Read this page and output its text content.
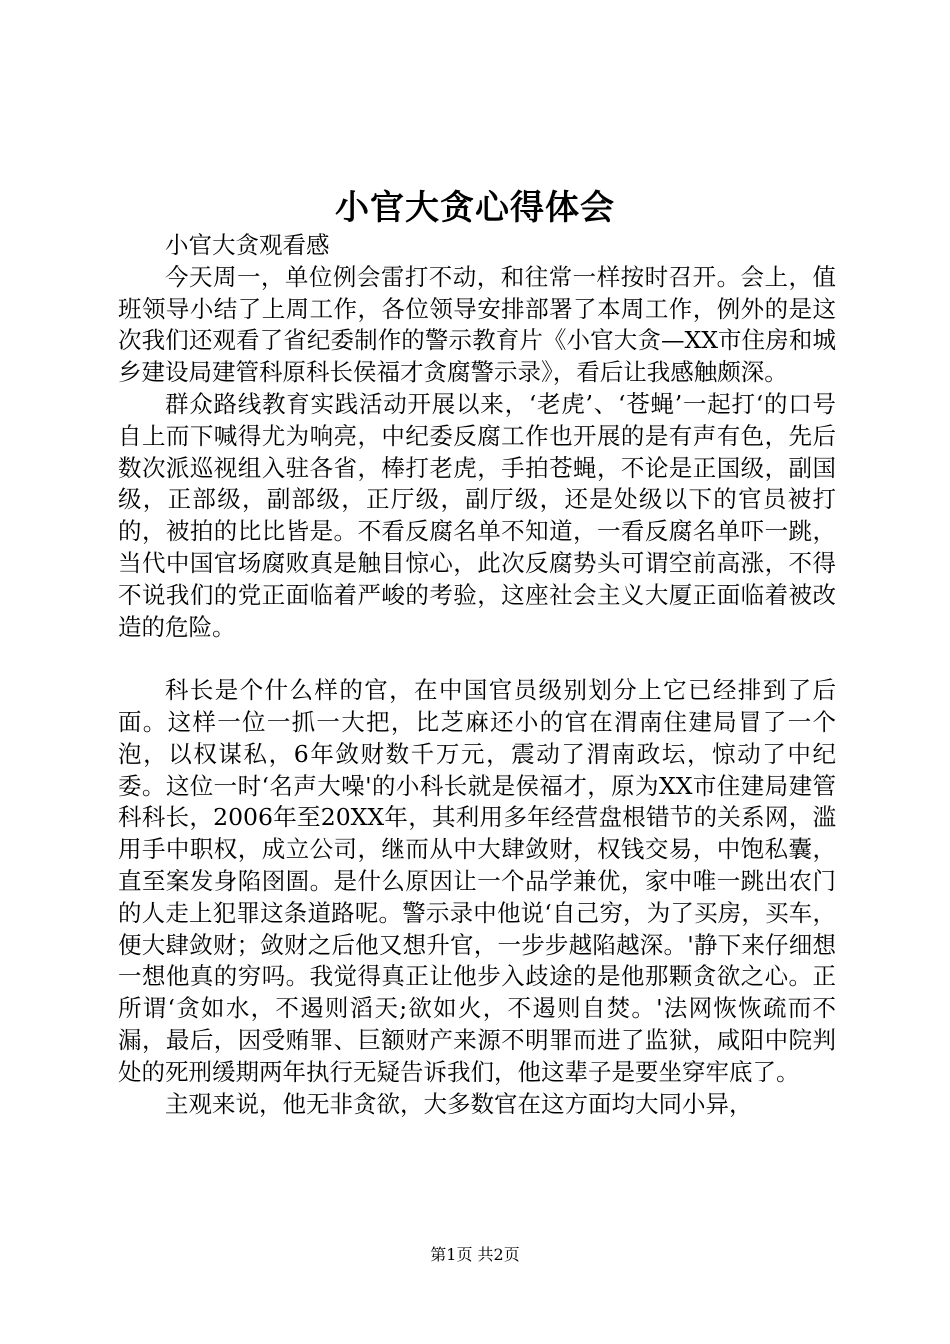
小官大贪心得体会

小官大贪观看感

今天周一，单位例会雷打不动，和往常一样按时召开。会上，值班领导小结了上周工作，各位领导安排部署了本周工作，例外的是这次我们还观看了省纪委制作的警示教育片《小官大贪—XX市住房和城乡建设局建管科原科长侯福才贪腐警示录》，看后让我感触颇深。

群众路线教育实践活动开展以来，‘老虎’、‘苍蝇’一起打‘的口号自上而下喊得尤为响亮，中纪委反腐工作也开展的是有声有色，先后数次派巡视组入驻各省，棒打老虎，手拍苍蝇，不论是正国级，副国级，正部级，副部级，正厅级，副厅级，还是处级以下的官员被打的，被拍的比比皆是。不看反腐名单不知道，一看反腐名单吓一跳，当代中国官场腐败真是触目惊心，此次反腐势头可谓空前高涨，不得不说我们的党正面临着严峻的考验，这座社会主义大厦正面临着被改造的危险。

科长是个什么样的官，在中国官员级别划分上它已经排到了后面。这样一位一抓一大把，比芝麻还小的官在渭南住建局冒了一个泡，以权谋私，6年敛财数千万元，震动了渭南政坛，惊动了中纪委。这位一时‘名声大噪'的小科长就是侯福才，原为XX市住建局建管科科长，2006年至20XX年，其利用多年经营盘根错节的关系网，滥用手中职权，成立公司，继而从中大肆敛财，权钱交易，中饱私囊，直至案发身陷囹圄。是什么原因让一个品学兼优，家中唯一跳出农门的人走上犯罪这条道路呢。警示录中他说‘自己穷，为了买房，买车，便大肆敛财；敛财之后他又想升官，一步步越陷越深。'静下来仔细想一想他真的穷吗。我觉得真正让他步入歧途的是他那颗贪欲之心。正所谓‘贪如水，不遏则滔天;欲如火，不遏则自焚。'法网恢恢疏而不漏，最后，因受贿罪、巨额财产来源不明罪而进了监狱，咸阳中院判处的死刑缓期两年执行无疑告诉我们，他这辈子是要坐穿牢底了。

主观来说，他无非贪欲，大多数官在这方面均大同小异，

第1页 共2页
